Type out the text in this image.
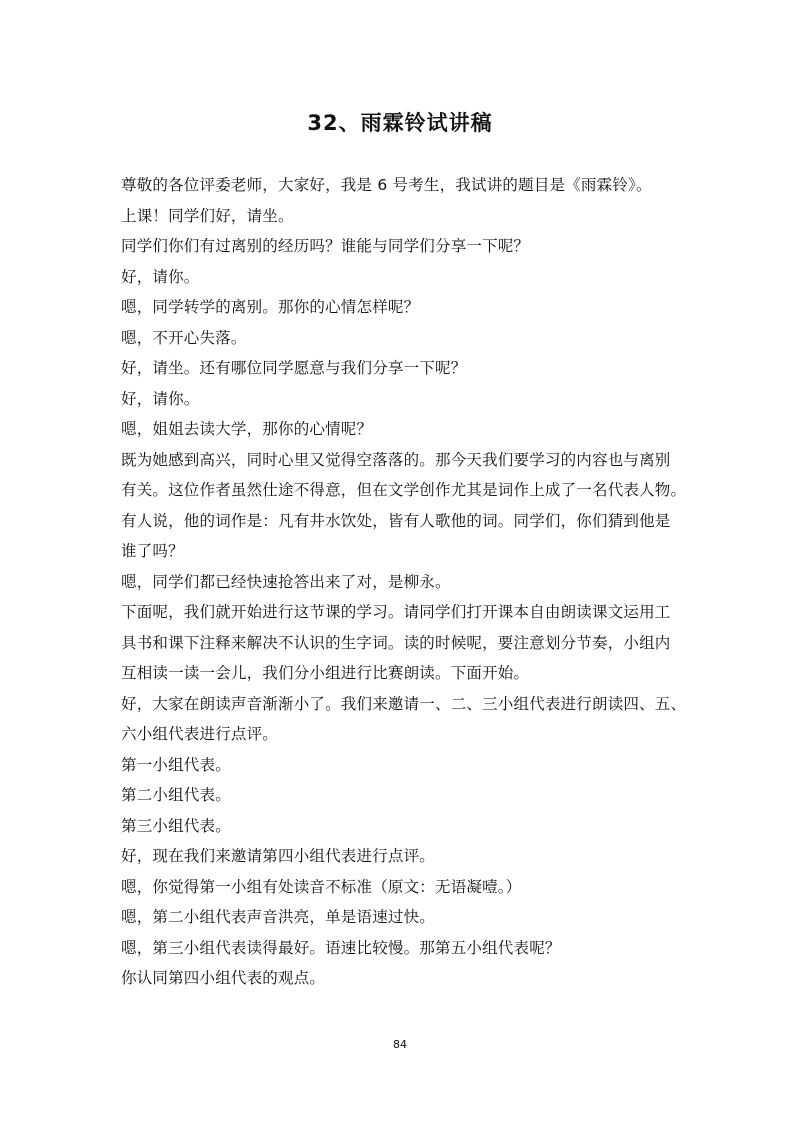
32、雨霖铃试讲稿

尊敬的各位评委老师，大家好，我是 6 号考生，我试讲的题目是《雨霖铃》。

上课！同学们好，请坐。

同学们你们有过离别的经历吗？谁能与同学们分享一下呢？

好，请你。

嗯，同学转学的离别。那你的心情怎样呢？

嗯，不开心失落。

好，请坐。还有哪位同学愿意与我们分享一下呢？

好，请你。

嗯，姐姐去读大学，那你的心情呢？

既为她感到高兴，同时心里又觉得空落落的。那今天我们要学习的内容也与离别

有关。这位作者虽然仕途不得意，但在文学创作尤其是词作上成了一名代表人物。

有人说，他的词作是：凡有井水饮处，皆有人歌他的词。同学们，你们猜到他是

谁了吗？

嗯，同学们都已经快速抢答出来了对，是柳永。

下面呢，我们就开始进行这节课的学习。请同学们打开课本自由朗读课文运用工

具书和课下注释来解决不认识的生字词。读的时候呢，要注意划分节奏，小组内

互相读一读一会儿，我们分小组进行比赛朗读。下面开始。

好，大家在朗读声音渐渐小了。我们来邀请一、二、三小组代表进行朗读四、五、

六小组代表进行点评。

第一小组代表。

第二小组代表。

第三小组代表。

好，现在我们来邀请第四小组代表进行点评。

嗯，你觉得第一小组有处读音不标准（原文：无语凝噎。）

嗯，第二小组代表声音洪亮，单是语速过快。

嗯，第三小组代表读得最好。语速比较慢。那第五小组代表呢？

你认同第四小组代表的观点。

84
